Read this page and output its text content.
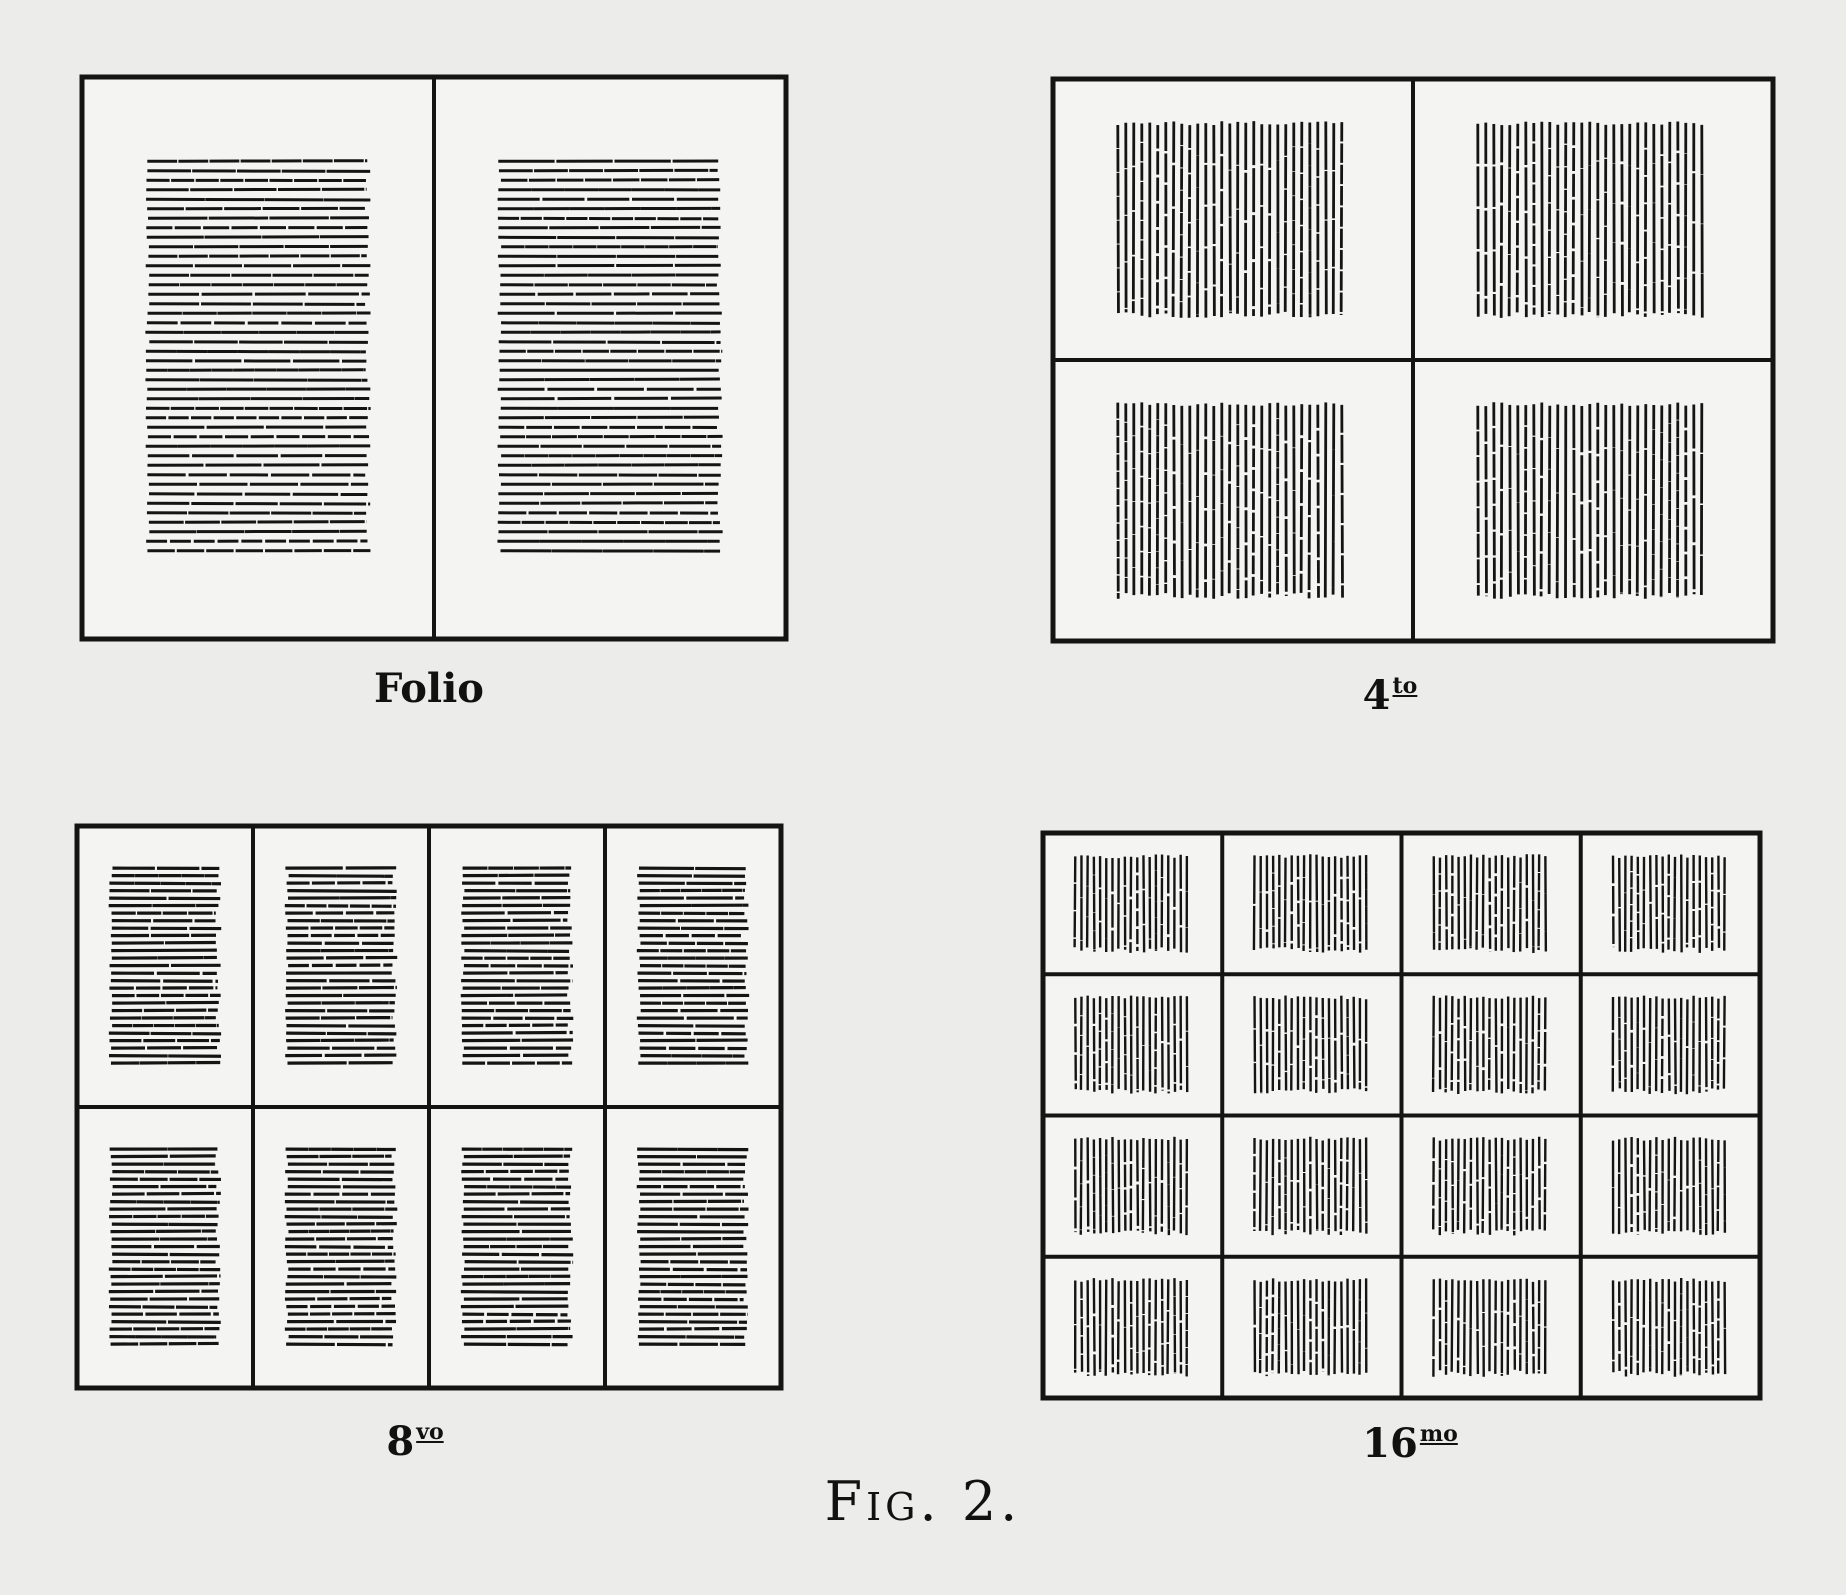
Folio	$4^{to}$
$8^{vo}$	$16^{mo}$
Fig. 2.
